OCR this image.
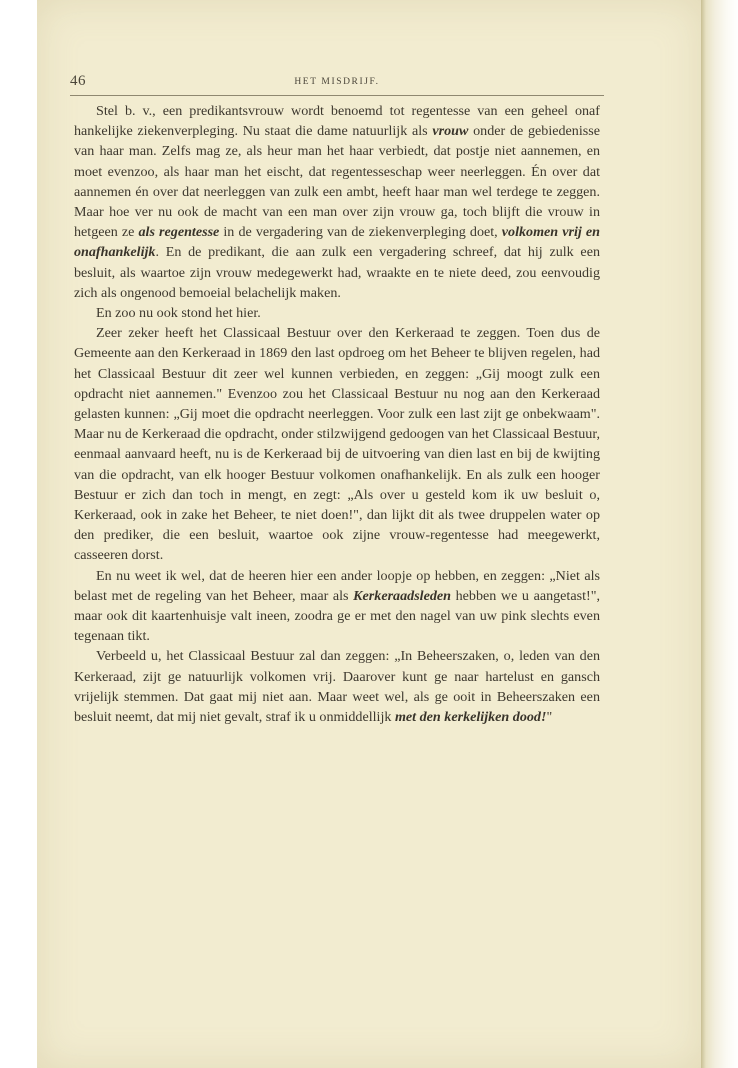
46	HET MISDRIJF.

Stel b. v., een predikantsvrouw wordt benoemd tot regentesse van een geheel onaf hankelijke ziekenverpleging. Nu staat die dame natuurlijk als vrouw onder de gebiedenisse van haar man. Zelfs mag ze, als heur man het haar verbiedt, dat postje niet aannemen, en moet evenzoo, als haar man het eischt, dat regentesseschap weer neerleggen. Én over dat aannemen én over dat neerleggen van zulk een ambt, heeft haar man wel terdege te zeggen. Maar hoe ver nu ook de macht van een man over zijn vrouw ga, toch blijft die vrouw in hetgeen ze als regentesse in de vergadering van de ziekenverpleging doet, volkomen vrij en onafhankelijk. En de predikant, die aan zulk een vergadering schreef, dat hij zulk een besluit, als waartoe zijn vrouw medegewerkt had, wraakte en te niete deed, zou eenvoudig zich als ongenood bemoeial belachelijk maken.

En zoo nu ook stond het hier.

Zeer zeker heeft het Classicaal Bestuur over den Kerkeraad te zeggen. Toen dus de Gemeente aan den Kerkeraad in 1869 den last opdroeg om het Beheer te blijven regelen, had het Classicaal Bestuur dit zeer wel kunnen verbieden, en zeggen: „Gij moogt zulk een opdracht niet aannemen." Evenzoo zou het Classicaal Bestuur nu nog aan den Kerkeraad gelasten kunnen: „Gij moet die opdracht neerleggen. Voor zulk een last zijt ge onbekwaam". Maar nu de Kerkeraad die opdracht, onder stilzwijgend gedoogen van het Classicaal Bestuur, eenmaal aanvaard heeft, nu is de Kerkeraad bij de uitvoering van dien last en bij de kwijting van die opdracht, van elk hooger Bestuur volkomen onafhankelijk. En als zulk een hooger Bestuur er zich dan toch in mengt, en zegt: „Als over u gesteld kom ik uw besluit o, Kerkeraad, ook in zake het Beheer, te niet doen!", dan lijkt dit als twee druppelen water op den prediker, die een besluit, waartoe ook zijne vrouw-regentesse had meegewerkt, casseeren dorst.

En nu weet ik wel, dat de heeren hier een ander loopje op hebben, en zeggen: „Niet als belast met de regeling van het Beheer, maar als Kerkeraadsleden hebben we u aangetast!", maar ook dit kaartenhuisje valt ineen, zoodra ge er met den nagel van uw pink slechts even tegenaan tikt.

Verbeeld u, het Classicaal Bestuur zal dan zeggen: „In Beheerszaken, o, leden van den Kerkeraad, zijt ge natuurlijk volkomen vrij. Daarover kunt ge naar hartelust en gansch vrijelijk stemmen. Dat gaat mij niet aan. Maar weet wel, als ge ooit in Beheerszaken een besluit neemt, dat mij niet gevalt, straf ik u onmiddellijk met den kerkelijken dood!"
